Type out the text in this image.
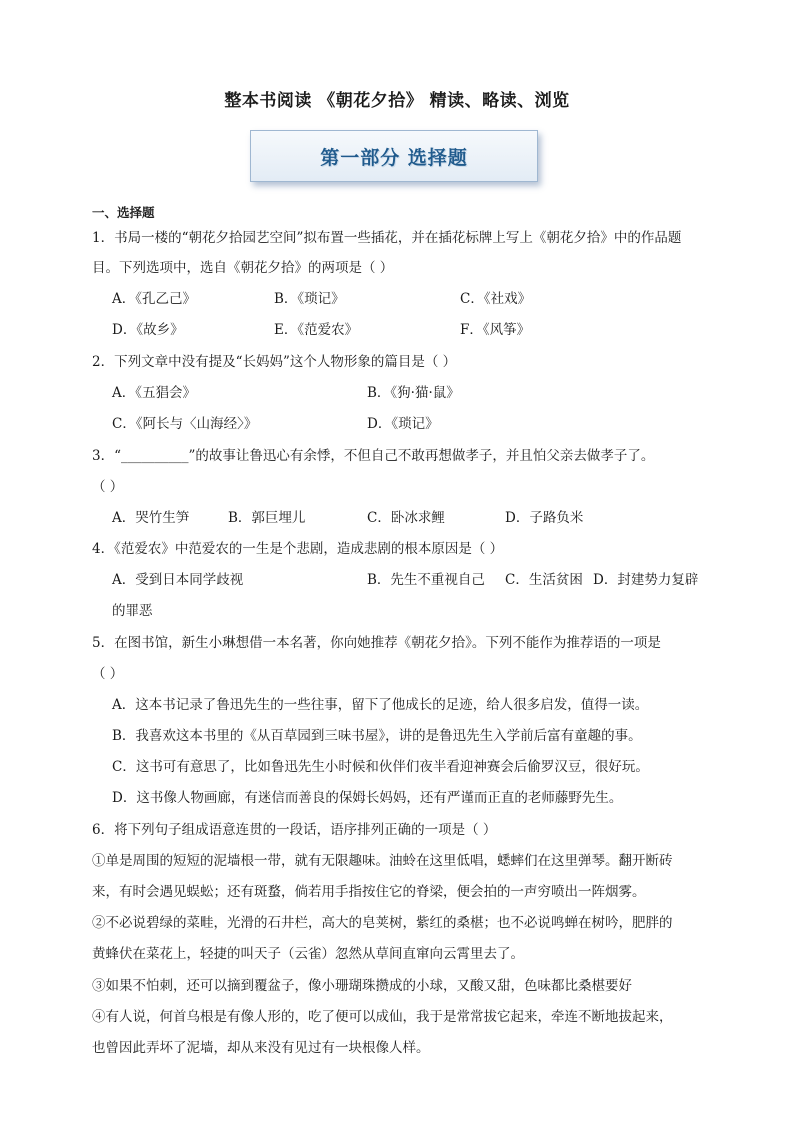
整本书阅读 《朝花夕拾》 精读、略读、浏览
第一部分 选择题
一、选择题
1．书局一楼的“朝花夕拾园艺空间”拟布置一些插花，并在插花标牌上写上《朝花夕拾》中的作品题
目。下列选项中，选自《朝花夕拾》的两项是（ ）
A．《孔乙己》	B．《琐记》	C．《社戏》
D．《故乡》	E．《范爱农》	F．《风筝》
2．下列文章中没有提及“长妈妈”这个人物形象的篇目是（ ）
A．《五猖会》	B．《狗·猫·鼠》
C．《阿长与〈山海经〉》	D．《琐记》
3．“__________”的故事让鲁迅心有余悸，不但自己不敢再想做孝子，并且怕父亲去做孝子了。
（ ）
A．哭竹生笋	B．郭巨埋儿	C．卧冰求鲤	D．子路负米
4．《范爱农》中范爱农的一生是个悲剧，造成悲剧的根本原因是（ ）
A．受到日本同学歧视	B．先生不重视自己 C．生活贫困 D．封建势力复辟
的罪恶
5．在图书馆，新生小琳想借一本名著，你向她推荐《朝花夕拾》。下列不能作为推荐语的一项是
（ ）
A．这本书记录了鲁迅先生的一些往事，留下了他成长的足迹，给人很多启发，值得一读。
B．我喜欢这本书里的《从百草园到三味书屋》，讲的是鲁迅先生入学前后富有童趣的事。
C．这书可有意思了，比如鲁迅先生小时候和伙伴们夜半看迎神赛会后偷罗汉豆，很好玩。
D．这书像人物画廊，有迷信而善良的保姆长妈妈，还有严谨而正直的老师藤野先生。
6．将下列句子组成语意连贯的一段话，语序排列正确的一项是（ ）
①单是周围的短短的泥墙根一带，就有无限趣味。油蛉在这里低唱，蟋蟀们在这里弹琴。翻开断砖
来，有时会遇见蜈蚣；还有斑蝥，倘若用手指按住它的脊梁，便会拍的一声穷喷出一阵烟雾。
②不必说碧绿的菜畦，光滑的石井栏，高大的皂荚树，紫红的桑椹；也不必说鸣蝉在树吟，肥胖的
黄蜂伏在菜花上，轻捷的叫天子（云雀）忽然从草间直窜向云霄里去了。
③如果不怕刺，还可以摘到覆盆子，像小珊瑚珠攒成的小球，又酸又甜，色味都比桑椹要好
④有人说，何首乌根是有像人形的，吃了便可以成仙，我于是常常拔它起来，牵连不断地拔起来，
也曾因此弄坏了泥墙，却从来没有见过有一块根像人样。
